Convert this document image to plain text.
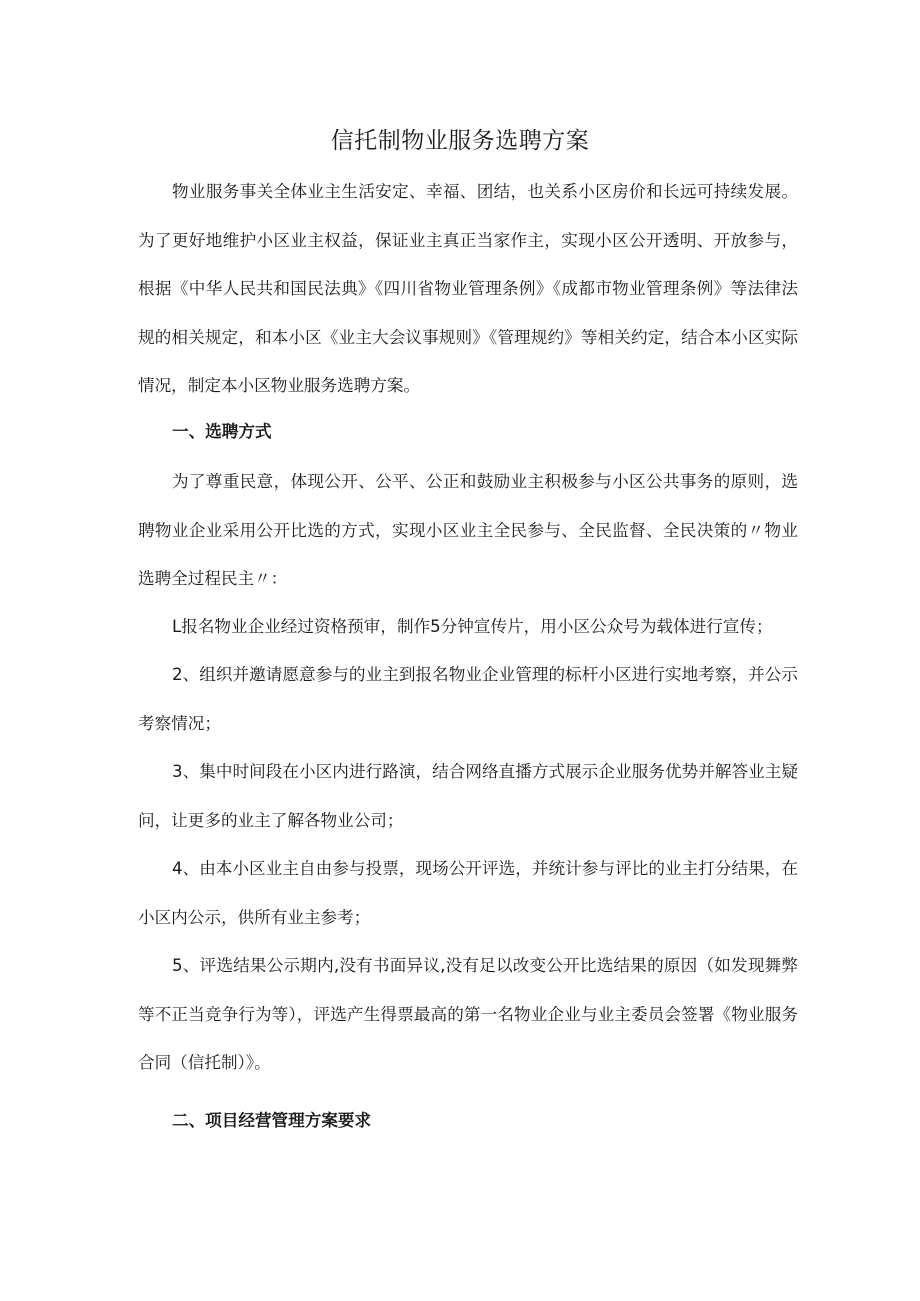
信托制物业服务选聘方案

物业服务事关全体业主生活安定、幸福、团结，也关系小区房价和长远可持续发展。为了更好地维护小区业主权益，保证业主真正当家作主，实现小区公开透明、开放参与，根据《中华人民共和国民法典》《四川省物业管理条例》《成都市物业管理条例》等法律法规的相关规定，和本小区《业主大会议事规则》《管理规约》等相关约定，结合本小区实际情况，制定本小区物业服务选聘方案。

一、选聘方式

为了尊重民意，体现公开、公平、公正和鼓励业主积极参与小区公共事务的原则，选聘物业企业采用公开比选的方式，实现小区业主全民参与、全民监督、全民决策的〃物业选聘全过程民主〃：

L报名物业企业经过资格预审，制作5分钟宣传片，用小区公众号为载体进行宣传；

2、组织并邀请愿意参与的业主到报名物业企业管理的标杆小区进行实地考察，并公示考察情况；

3、集中时间段在小区内进行路演，结合网络直播方式展示企业服务优势并解答业主疑问，让更多的业主了解各物业公司；

4、由本小区业主自由参与投票，现场公开评选，并统计参与评比的业主打分结果，在小区内公示，供所有业主参考；

5、评选结果公示期内,没有书面异议,没有足以改变公开比选结果的原因（如发现舞弊等不正当竞争行为等），评选产生得票最高的第一名物业企业与业主委员会签署《物业服务合同（信托制）》。

二、项目经营管理方案要求
